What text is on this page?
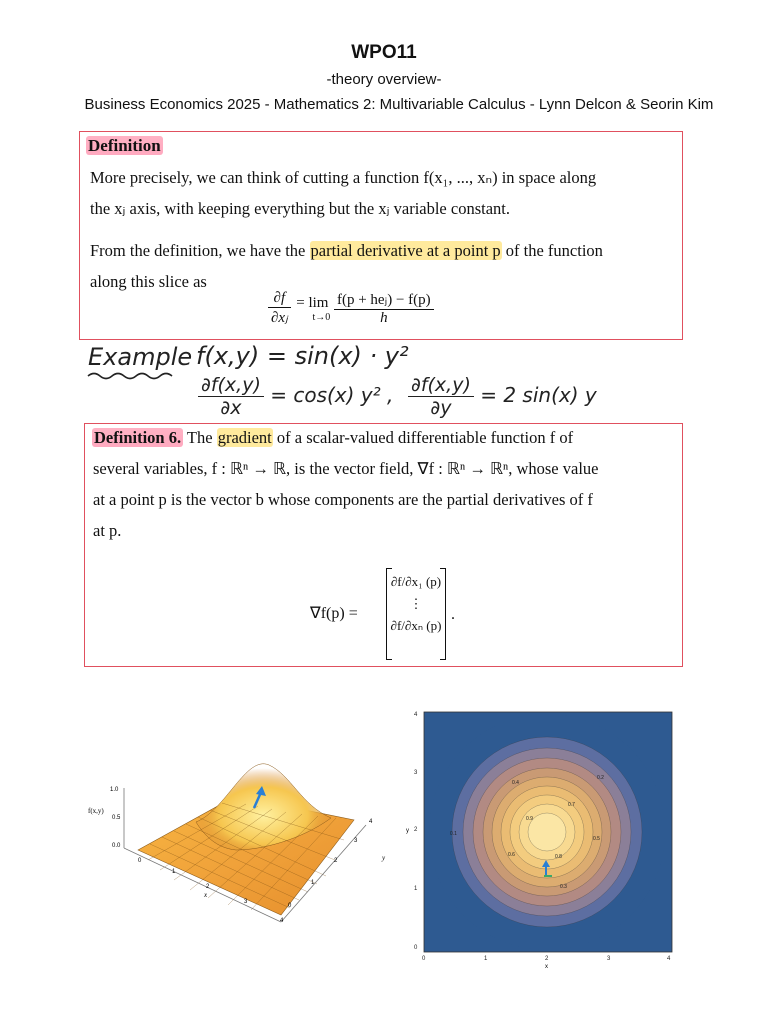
WPO11
-theory overview-
Business Economics 2025 - Mathematics 2: Multivariable Calculus - Lynn Delcon & Seorin Kim
Definition
More precisely, we can think of cutting a function f(x₁, ..., xₙ) in space along
the xⱼ axis, with keeping everything but the xⱼ variable constant.
From the definition, we have the partial derivative at a point p of the function
along this slice as
$\frac{\partial f}{\text{∂xⱼ}}$
= lim
t→0
$\frac{\text{f(p + heⱼ) − f(p)}}{h}$
Example f(x,y) = sin(x) · y²
$\frac{\partial f(x,y)}{\partial x} = \cos(x)$ y² , $\frac{\partial f(x,y)}{\partial y} = 2$ sin(x) y
Definition 6. The gradient of a scalar-valued differentiable function f of
several variables, f : ℝⁿ → ℝ, is the vector field, ∇f : ℝⁿ → ℝⁿ, whose value
at a point p is the vector b whose components are the partial derivatives of f
at p.
∇f(p) =
∂f/∂x₁ (p)
⋮
∂f/∂xₙ (p)
.
f(x,y)
1.0
0.5
0.0
0
1
2
3
4
x
0
1
2
3
4
y
0.1
0.2
0.3
0.4
0.5
0.6
0.7
0.8
0.9
0	1	2	3	4
0
1
2
3
4
x
y
